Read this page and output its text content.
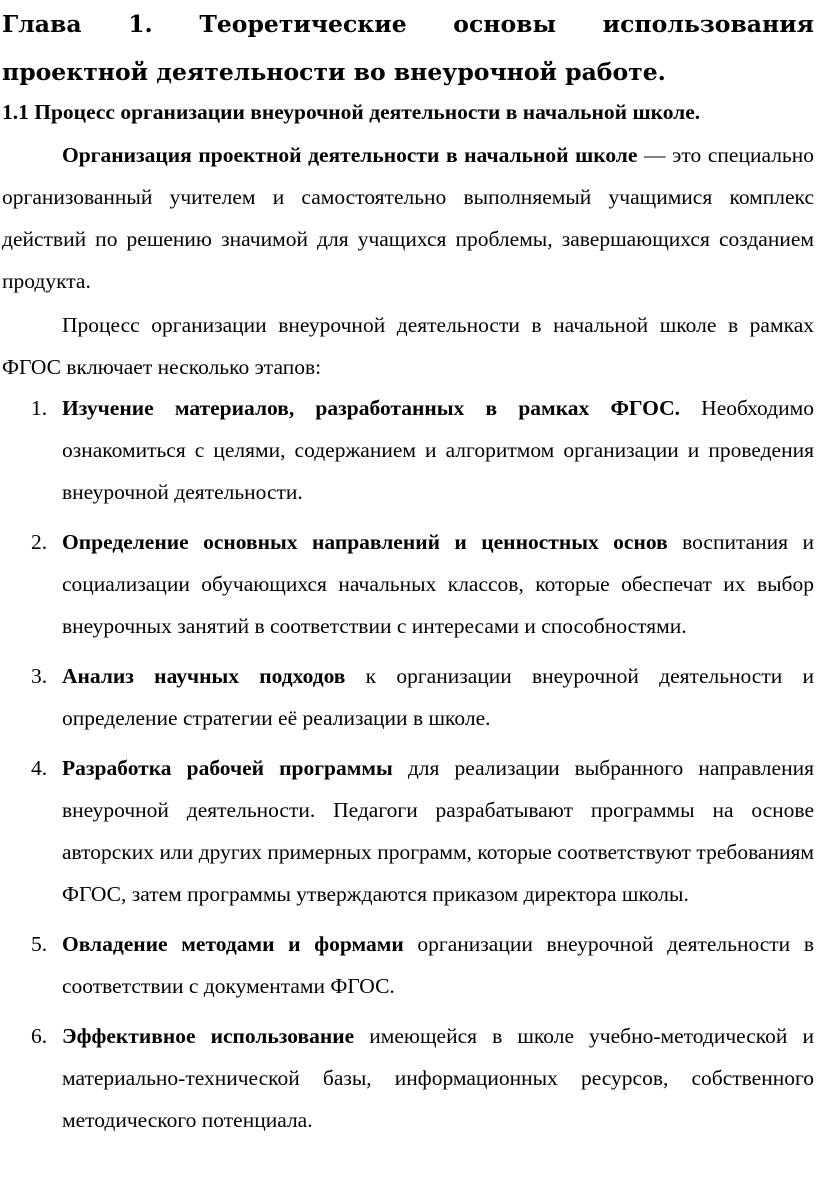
Глава 1. Теоретические основы использования проектной деятельности во внеурочной работе.
1.1 Процесс организации внеурочной деятельности в начальной школе.

Организация проектной деятельности в начальной школе — это специально организованный учителем и самостоятельно выполняемый учащимися комплекс действий по решению значимой для учащихся проблемы, завершающихся созданием продукта.

Процесс организации внеурочной деятельности в начальной школе в рамках ФГОС включает несколько этапов:

1. Изучение материалов, разработанных в рамках ФГОС. Необходимо ознакомиться с целями, содержанием и алгоритмом организации и проведения внеурочной деятельности.
2. Определение основных направлений и ценностных основ воспитания и социализации обучающихся начальных классов, которые обеспечат их выбор внеурочных занятий в соответствии с интересами и способностями.
3. Анализ научных подходов к организации внеурочной деятельности и определение стратегии её реализации в школе.
4. Разработка рабочей программы для реализации выбранного направления внеурочной деятельности. Педагоги разрабатывают программы на основе авторских или других примерных программ, которые соответствуют требованиям ФГОС, затем программы утверждаются приказом директора школы.
5. Овладение методами и формами организации внеурочной деятельности в соответствии с документами ФГОС.
6. Эффективное использование имеющейся в школе учебно-методической и материально-технической базы, информационных ресурсов, собственного методического потенциала.
